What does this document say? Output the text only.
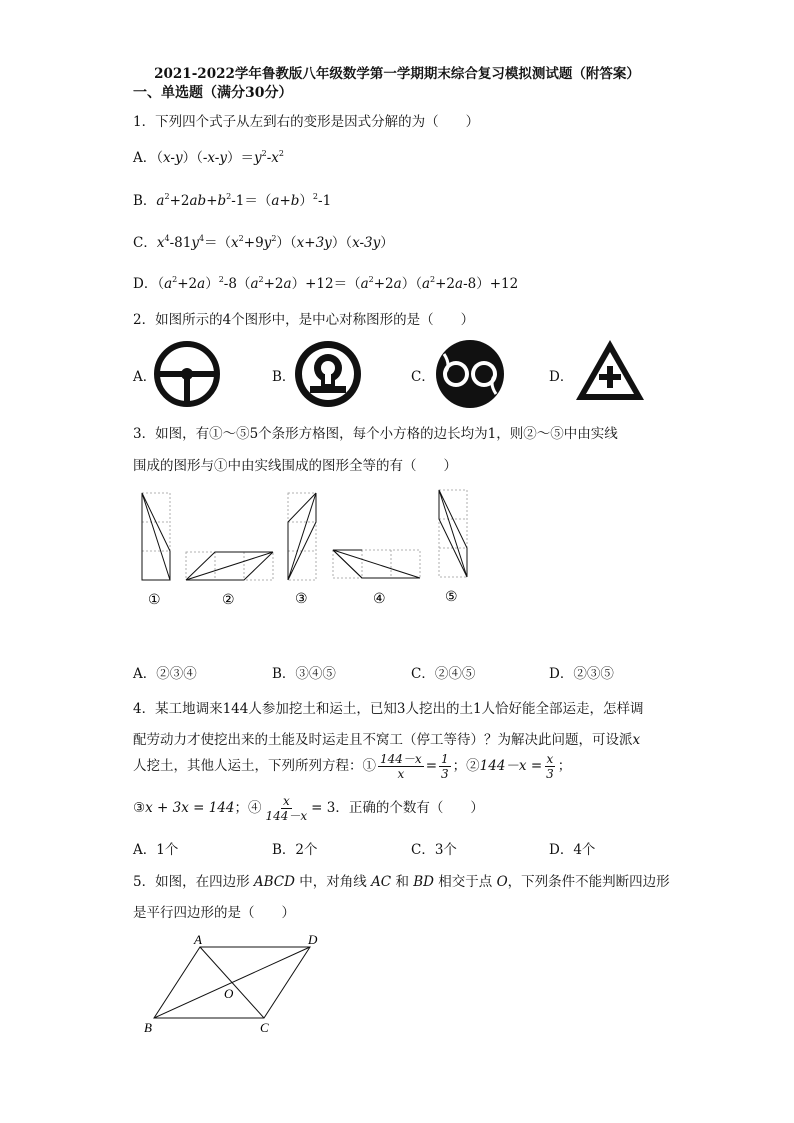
2021-2022学年鲁教版八年级数学第一学期期末综合复习模拟测试题（附答案）
一、单选题（满分30分）
1．下列四个式子从左到右的变形是因式分解的为（　　）
A．$(x-y)(-x-y)=y^2-x^2$
B．$a^2+2ab+b^2-1=(a+b)^2-1$
C．$x^4-81y^4=(x^2+9y^2)(x+3y)(x-3y)$
D．$(a^2+2a)^2-8(a^2+2a)+12=(a^2+2a)(a^2+2a-8)+12$
2．如图所示的4个图形中，是中心对称图形的是（　　）
A．	B．	C．	D．
3．如图，有①～⑤5个条形方格图，每个小方格的边长均为1，则②～⑤中由实线
围成的图形与①中由实线围成的图形全等的有（　　）
①	②	③	④	⑤
A．②③④	B．③④⑤	C．②④⑤	D．②③⑤
4．某工地调来144人参加挖土和运土，已知3人挖出的土1人恰好能全部运走，怎样调
配劳动力才使挖出来的土能及时运走且不窝工（停工等待）？为解决此问题，可设派x
人挖土，其他人运土，下列所列方程：① $\frac{144-x}{x} = \frac{1}{3}$ ；②144－x = $\frac{x}{3}$ ；
③x + 3x = 144；④ $\frac{x}{144-x} = 3$．正确的个数有（　　）
A．1个	B．2个	C．3个	D．4个
5．如图，在四边形 ABCD 中，对角线 AC 和 BD 相交于点 O，下列条件不能判断四边形
是平行四边形的是（　　）
A	D
O
B	C
